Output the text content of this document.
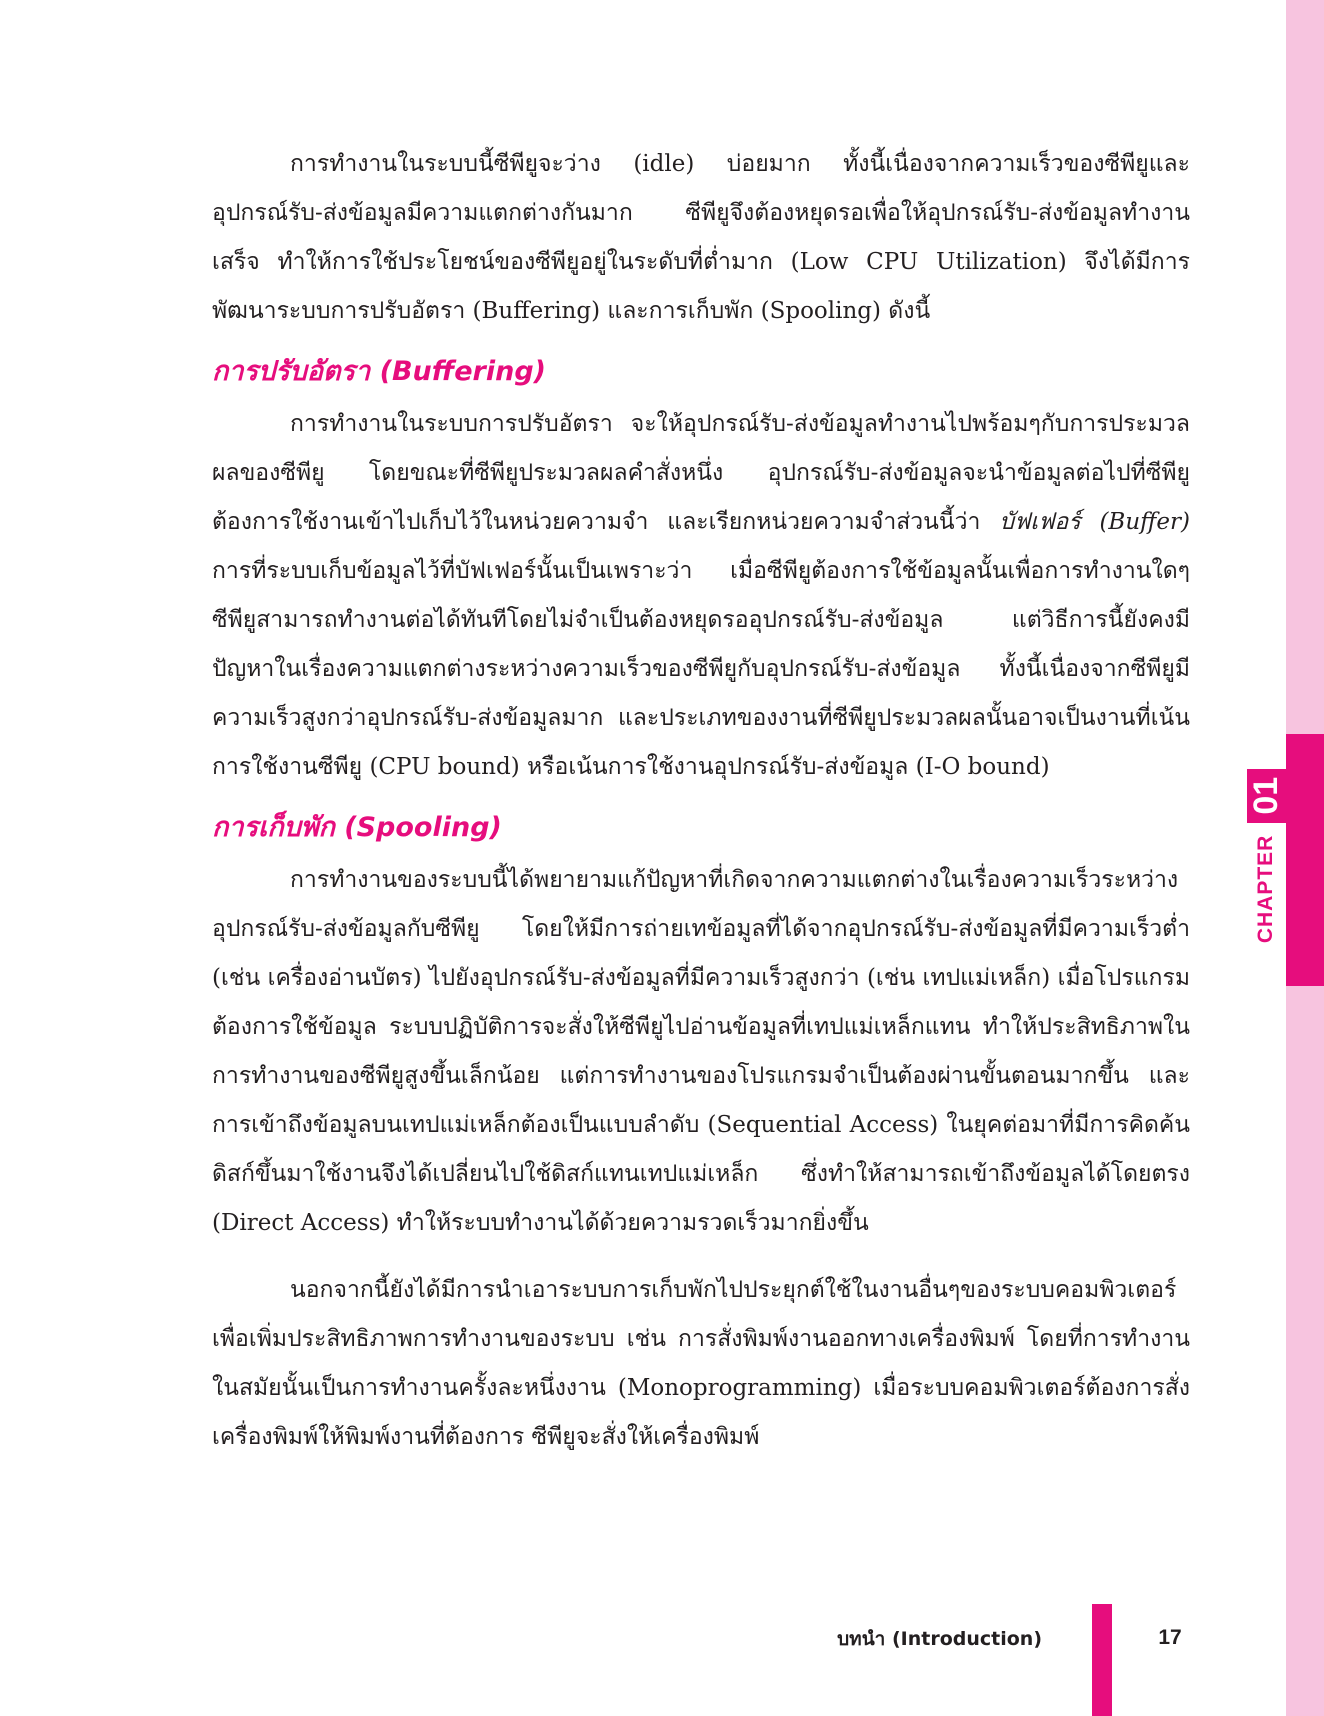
CHAPTER
01

การทำงานในระบบนี้ซีพียูจะว่าง (idle) บ่อยมาก ทั้งนี้เนื่องจากความเร็วของซีพียูและอุปกรณ์รับ-ส่งข้อมูลมีความแตกต่างกันมาก ซีพียูจึงต้องหยุดรอเพื่อให้อุปกรณ์รับ-ส่งข้อมูลทำงานเสร็จ ทำให้การใช้ประโยชน์ของซีพียูอยู่ในระดับที่ต่ำมาก (Low CPU Utilization) จึงได้มีการพัฒนาระบบการปรับอัตรา (Buffering) และการเก็บพัก (Spooling) ดังนี้

การปรับอัตรา (Buffering)

การทำงานในระบบการปรับอัตรา จะให้อุปกรณ์รับ-ส่งข้อมูลทำงานไปพร้อมๆกับการประมวลผลของซีพียู โดยขณะที่ซีพียูประมวลผลคำสั่งหนึ่ง อุปกรณ์รับ-ส่งข้อมูลจะนำข้อมูลต่อไปที่ซีพียูต้องการใช้งานเข้าไปเก็บไว้ในหน่วยความจำ และเรียกหน่วยความจำส่วนนี้ว่า บัฟเฟอร์ (Buffer) การที่ระบบเก็บข้อมูลไว้ที่บัฟเฟอร์นั้นเป็นเพราะว่า เมื่อซีพียูต้องการใช้ข้อมูลนั้นเพื่อการทำงานใดๆ ซีพียูสามารถทำงานต่อได้ทันทีโดยไม่จำเป็นต้องหยุดรออุปกรณ์รับ-ส่งข้อมูล แต่วิธีการนี้ยังคงมีปัญหาในเรื่องความแตกต่างระหว่างความเร็วของซีพียูกับอุปกรณ์รับ-ส่งข้อมูล ทั้งนี้เนื่องจากซีพียูมีความเร็วสูงกว่าอุปกรณ์รับ-ส่งข้อมูลมาก และประเภทของงานที่ซีพียูประมวลผลนั้นอาจเป็นงานที่เน้นการใช้งานซีพียู (CPU bound) หรือเน้นการใช้งานอุปกรณ์รับ-ส่งข้อมูล (I-O bound)

การเก็บพัก (Spooling)

การทำงานของระบบนี้ได้พยายามแก้ปัญหาที่เกิดจากความแตกต่างในเรื่องความเร็วระหว่างอุปกรณ์รับ-ส่งข้อมูลกับซีพียู โดยให้มีการถ่ายเทข้อมูลที่ได้จากอุปกรณ์รับ-ส่งข้อมูลที่มีความเร็วต่ำ (เช่น เครื่องอ่านบัตร) ไปยังอุปกรณ์รับ-ส่งข้อมูลที่มีความเร็วสูงกว่า (เช่น เทปแม่เหล็ก) เมื่อโปรแกรมต้องการใช้ข้อมูล ระบบปฏิบัติการจะสั่งให้ซีพียูไปอ่านข้อมูลที่เทปแม่เหล็กแทน ทำให้ประสิทธิภาพในการทำงานของซีพียูสูงขึ้นเล็กน้อย แต่การทำงานของโปรแกรมจำเป็นต้องผ่านขั้นตอนมากขึ้น และการเข้าถึงข้อมูลบนเทปแม่เหล็กต้องเป็นแบบลำดับ (Sequential Access) ในยุคต่อมาที่มีการคิดค้นดิสก์ขึ้นมาใช้งานจึงได้เปลี่ยนไปใช้ดิสก์แทนเทปแม่เหล็ก ซึ่งทำให้สามารถเข้าถึงข้อมูลได้โดยตรง (Direct Access) ทำให้ระบบทำงานได้ด้วยความรวดเร็วมากยิ่งขึ้น

นอกจากนี้ยังได้มีการนำเอาระบบการเก็บพักไปประยุกต์ใช้ในงานอื่นๆของระบบคอมพิวเตอร์ เพื่อเพิ่มประสิทธิภาพการทำงานของระบบ เช่น การสั่งพิมพ์งานออกทางเครื่องพิมพ์ โดยที่การทำงานในสมัยนั้นเป็นการทำงานครั้งละหนึ่งงาน (Monoprogramming) เมื่อระบบคอมพิวเตอร์ต้องการสั่งเครื่องพิมพ์ให้พิมพ์งานที่ต้องการ ซีพียูจะสั่งให้เครื่องพิมพ์

บทนำ (Introduction)	17
